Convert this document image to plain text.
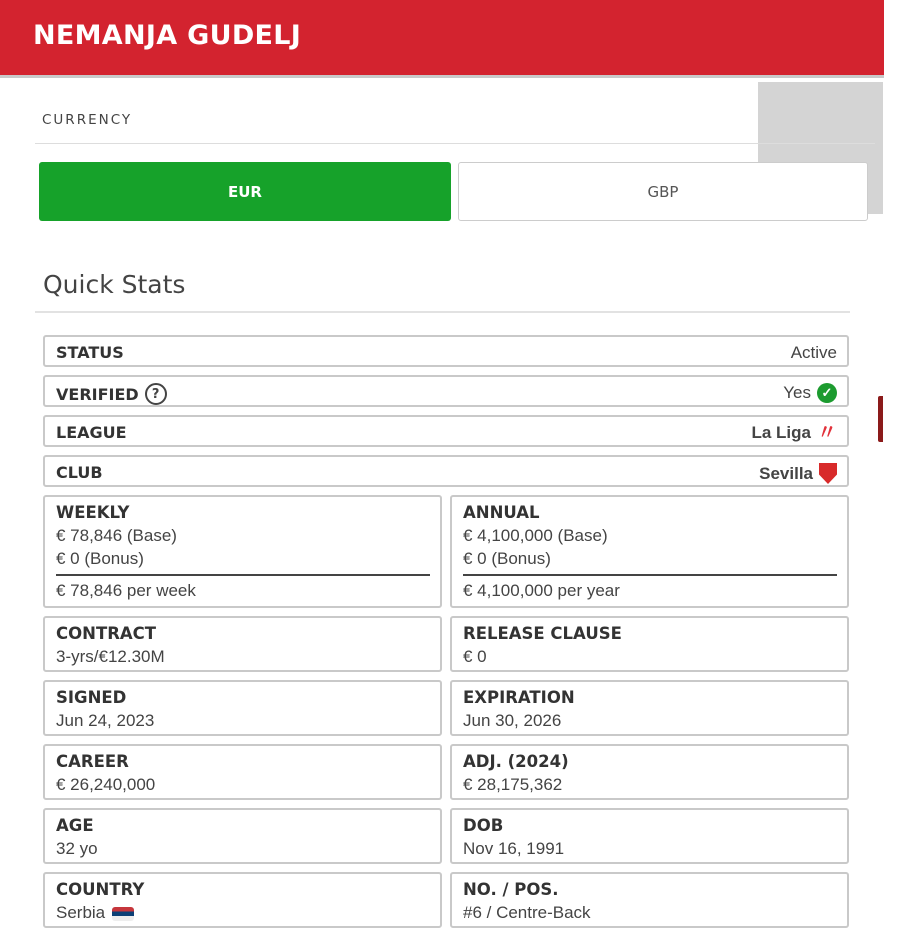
NEMANJA GUDELJ
CURRENCY
EUR	GBP
Quick Stats
STATUS	Active
VERIFIED	?	Yes ✓
LEAGUE	La Liga 〃
CLUB	Sevilla
WEEKLY
€ 78,846 (Base)
€ 0 (Bonus)
€ 78,846 per week
ANNUAL
€ 4,100,000 (Base)
€ 0 (Bonus)
€ 4,100,000 per year
CONTRACT
3-yrs/€12.30M
RELEASE CLAUSE
€ 0
SIGNED
Jun 24, 2023
EXPIRATION
Jun 30, 2026
CAREER
€ 26,240,000
ADJ. (2024)
€ 28,175,362
AGE
32 yo
DOB
Nov 16, 1991
COUNTRY
Serbia
NO. / POS.
#6 / Centre-Back
